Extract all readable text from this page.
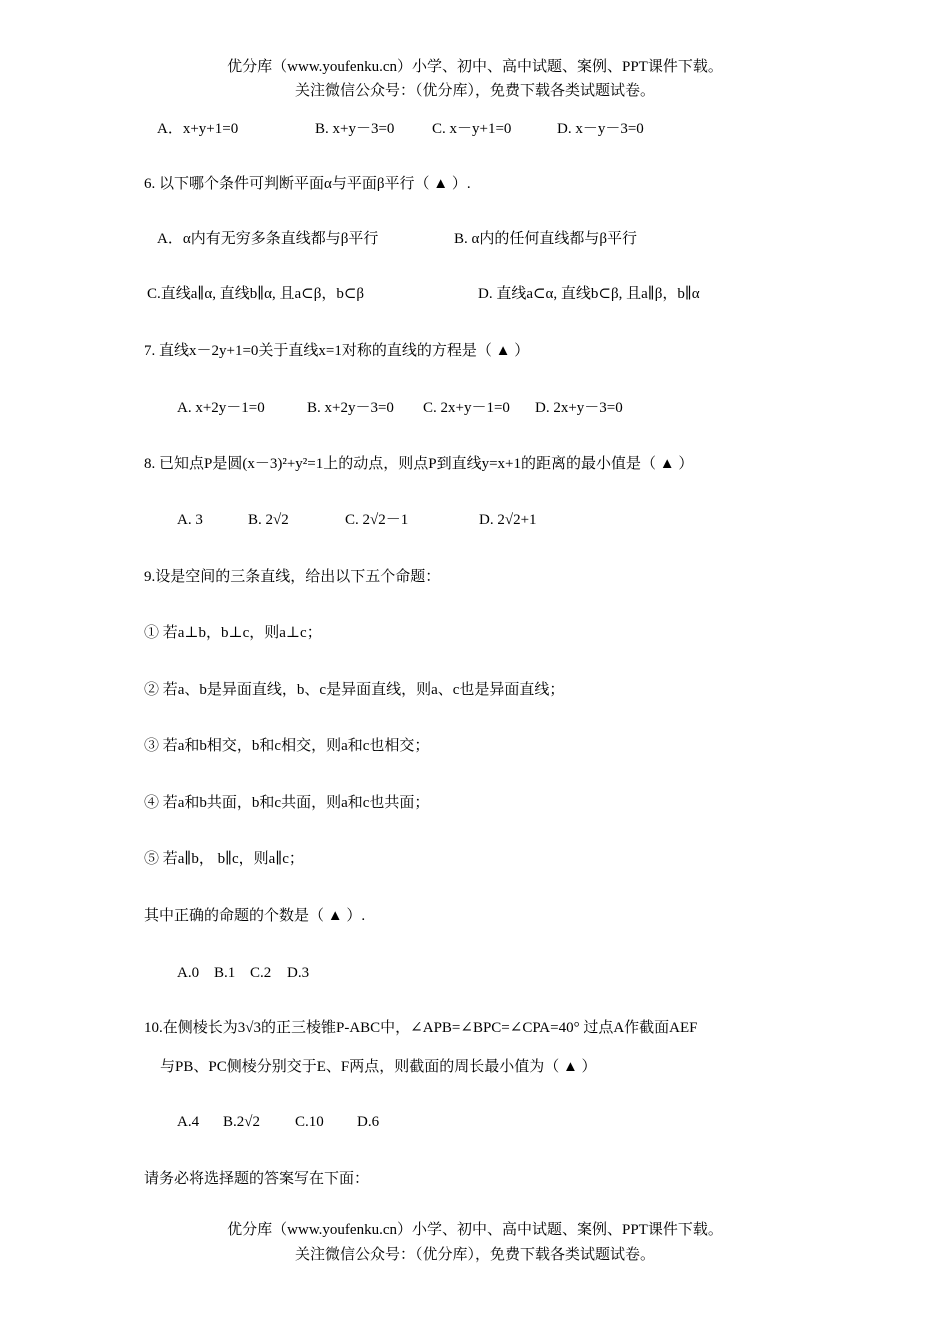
优分库（www.youfenku.cn）小学、初中、高中试题、案例、PPT课件下载。
关注微信公众号：（优分库），免费下载各类试题试卷。
A．x+y+1=0	B. x+y－3=0	C. x－y+1=0	D. x－y－3=0
6. 以下哪个条件可判断平面α与平面β平行（ ▲ ）.
A．α内有无穷多条直线都与β平行	B. α内的任何直线都与β平行
C.直线a∥α, 直线b∥α, 且a⊂β，b⊂β	D. 直线a⊂α, 直线b⊂β, 且a∥β，b∥α
7. 直线x－2y+1=0关于直线x=1对称的直线的方程是（ ▲ ）
A. x+2y－1=0	B. x+2y－3=0 C. 2x+y－1=0 D. 2x+y－3=0
8. 已知点P是圆(x－3)²+y²=1上的动点，则点P到直线y=x+1的距离的最小值是（ ▲ ）
A. 3	B. 2√2	C. 2√2－1	D. 2√2+1
9.设是空间的三条直线，给出以下五个命题：
① 若a⊥b，b⊥c，则a⊥c；
② 若a、b是异面直线，b、c是异面直线，则a、c也是异面直线；
③ 若a和b相交，b和c相交，则a和c也相交；
④ 若a和b共面，b和c共面，则a和c也共面；
⑤ 若a∥b， b∥c，则a∥c；
其中正确的命题的个数是（ ▲ ）.
A.0 B.1 C.2 D.3
10.在侧棱长为3√3的正三棱锥P-ABC中，∠APB=∠BPC=∠CPA=40° 过点A作截面AEF
与PB、PC侧棱分别交于E、F两点，则截面的周长最小值为（ ▲ ）
A.4 B.2√2 C.10 D.6
请务必将选择题的答案写在下面：
优分库（www.youfenku.cn）小学、初中、高中试题、案例、PPT课件下载。
关注微信公众号：（优分库），免费下载各类试题试卷。
